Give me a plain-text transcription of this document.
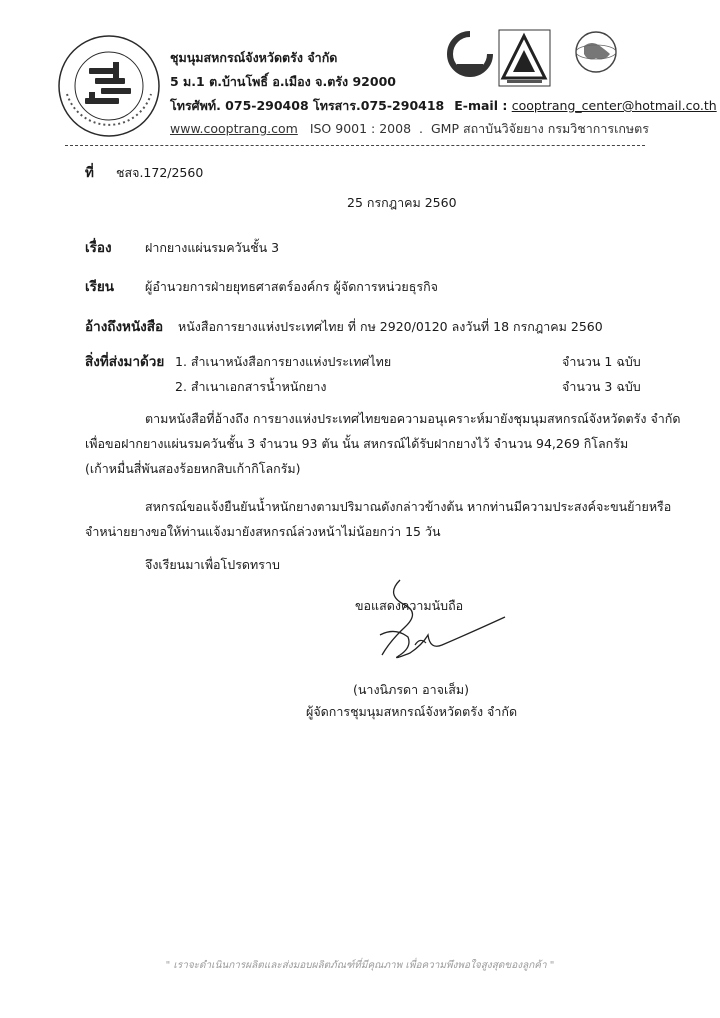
ชุมนุมสหกรณ์จังหวัดตรัง จำกัด
5 ม.1 ต.บ้านโพธิ์ อ.เมือง จ.ตรัง 92000
โทรศัพท์. 075-290408 โทรสาร.075-290418 E-mail : cooptrang_center@hotmail.co.th
www.cooptrang.com ISO 9001 : 2008 . GMP สถาบันวิจัยยาง กรมวิชาการเกษตร
ที่ ชสจ.172/2560
25 กรกฎาคม 2560
เรื่อง	ฝากยางแผ่นรมควันชั้น 3
เรียน ผู้อำนวยการฝ่ายยุทธศาสตร์องค์กร ผู้จัดการหน่วยธุรกิจ
อ้างถึงหนังสือ หนังสือการยางแห่งประเทศไทย ที่ กษ 2920/0120 ลงวันที่ 18 กรกฎาคม 2560
สิ่งที่ส่งมาด้วย 1. สำเนาหนังสือการยางแห่งประเทศไทย	จำนวน 1 ฉบับ
2. สำเนาเอกสารน้ำหนักยาง	จำนวน 3 ฉบับ

ตามหนังสือที่อ้างถึง การยางแห่งประเทศไทยขอความอนุเคราะห์มายังชุมนุมสหกรณ์จังหวัดตรัง จำกัด

เพื่อขอฝากยางแผ่นรมควันชั้น 3 จำนวน 93 ตัน นั้น สหกรณ์ได้รับฝากยางไว้ จำนวน 94,269 กิโลกรัม

(เก้าหมื่นสี่พันสองร้อยหกสิบเก้ากิโลกรัม)

สหกรณ์ขอแจ้งยืนยันน้ำหนักยางตามปริมาณดังกล่าวข้างต้น หากท่านมีความประสงค์จะขนย้ายหรือ

จำหน่ายยางขอให้ท่านแจ้งมายังสหกรณ์ล่วงหน้าไม่น้อยกว่า 15 วัน

จึงเรียนมาเพื่อโปรดทราบ
ขอแสดงความนับถือ
(นางนิภรดา อาจเส็ม)
ผู้จัดการชุมนุมสหกรณ์จังหวัดตรัง จำกัด
" เราจะดำเนินการผลิตและส่งมอบผลิตภัณฑ์ที่มีคุณภาพ เพื่อความพึงพอใจสูงสุดของลูกค้า "
